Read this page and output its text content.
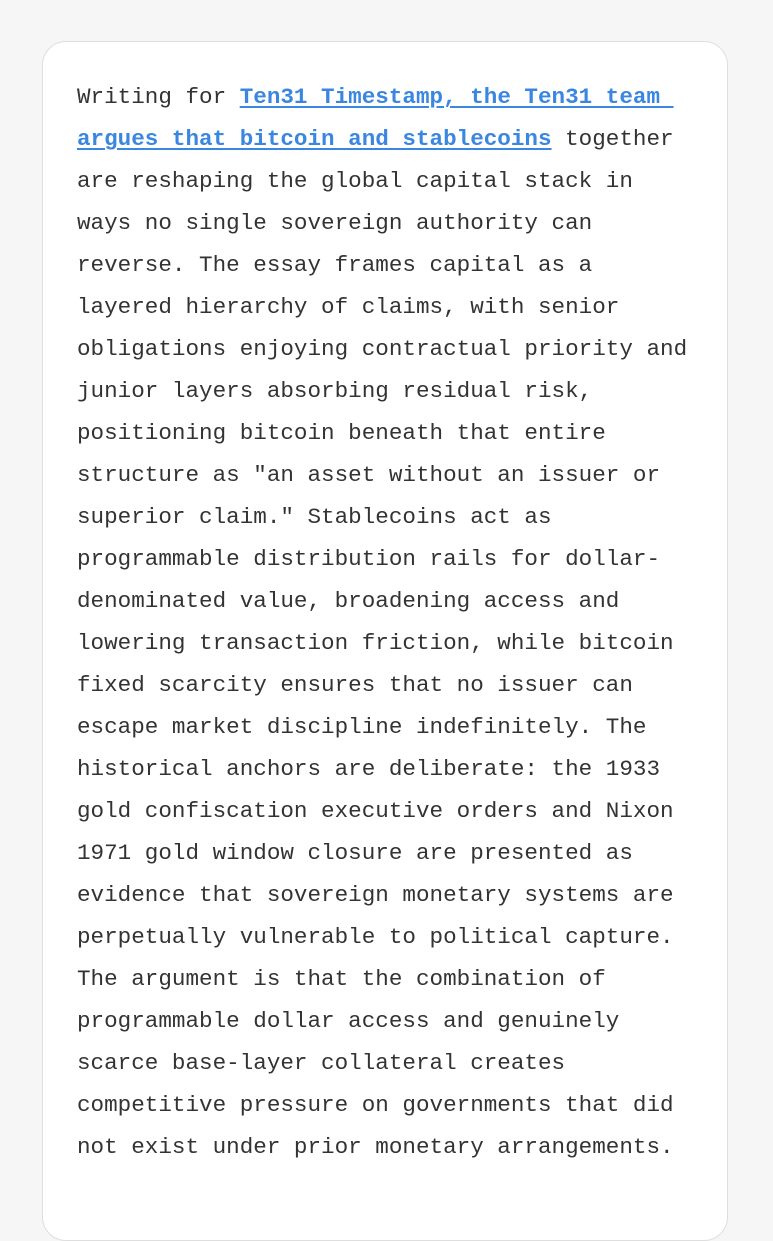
Writing for Ten31 Timestamp, the Ten31 team

argues that bitcoin and stablecoins together

are reshaping the global capital stack in

ways no single sovereign authority can

reverse. The essay frames capital as a

layered hierarchy of claims, with senior

obligations enjoying contractual priority and

junior layers absorbing residual risk,

positioning bitcoin beneath that entire

structure as "an asset without an issuer or

superior claim." Stablecoins act as

programmable distribution rails for dollar-

denominated value, broadening access and

lowering transaction friction, while bitcoin

fixed scarcity ensures that no issuer can

escape market discipline indefinitely. The

historical anchors are deliberate: the 1933

gold confiscation executive orders and Nixon

1971 gold window closure are presented as

evidence that sovereign monetary systems are

perpetually vulnerable to political capture.

The argument is that the combination of

programmable dollar access and genuinely

scarce base-layer collateral creates

competitive pressure on governments that did

not exist under prior monetary arrangements.
